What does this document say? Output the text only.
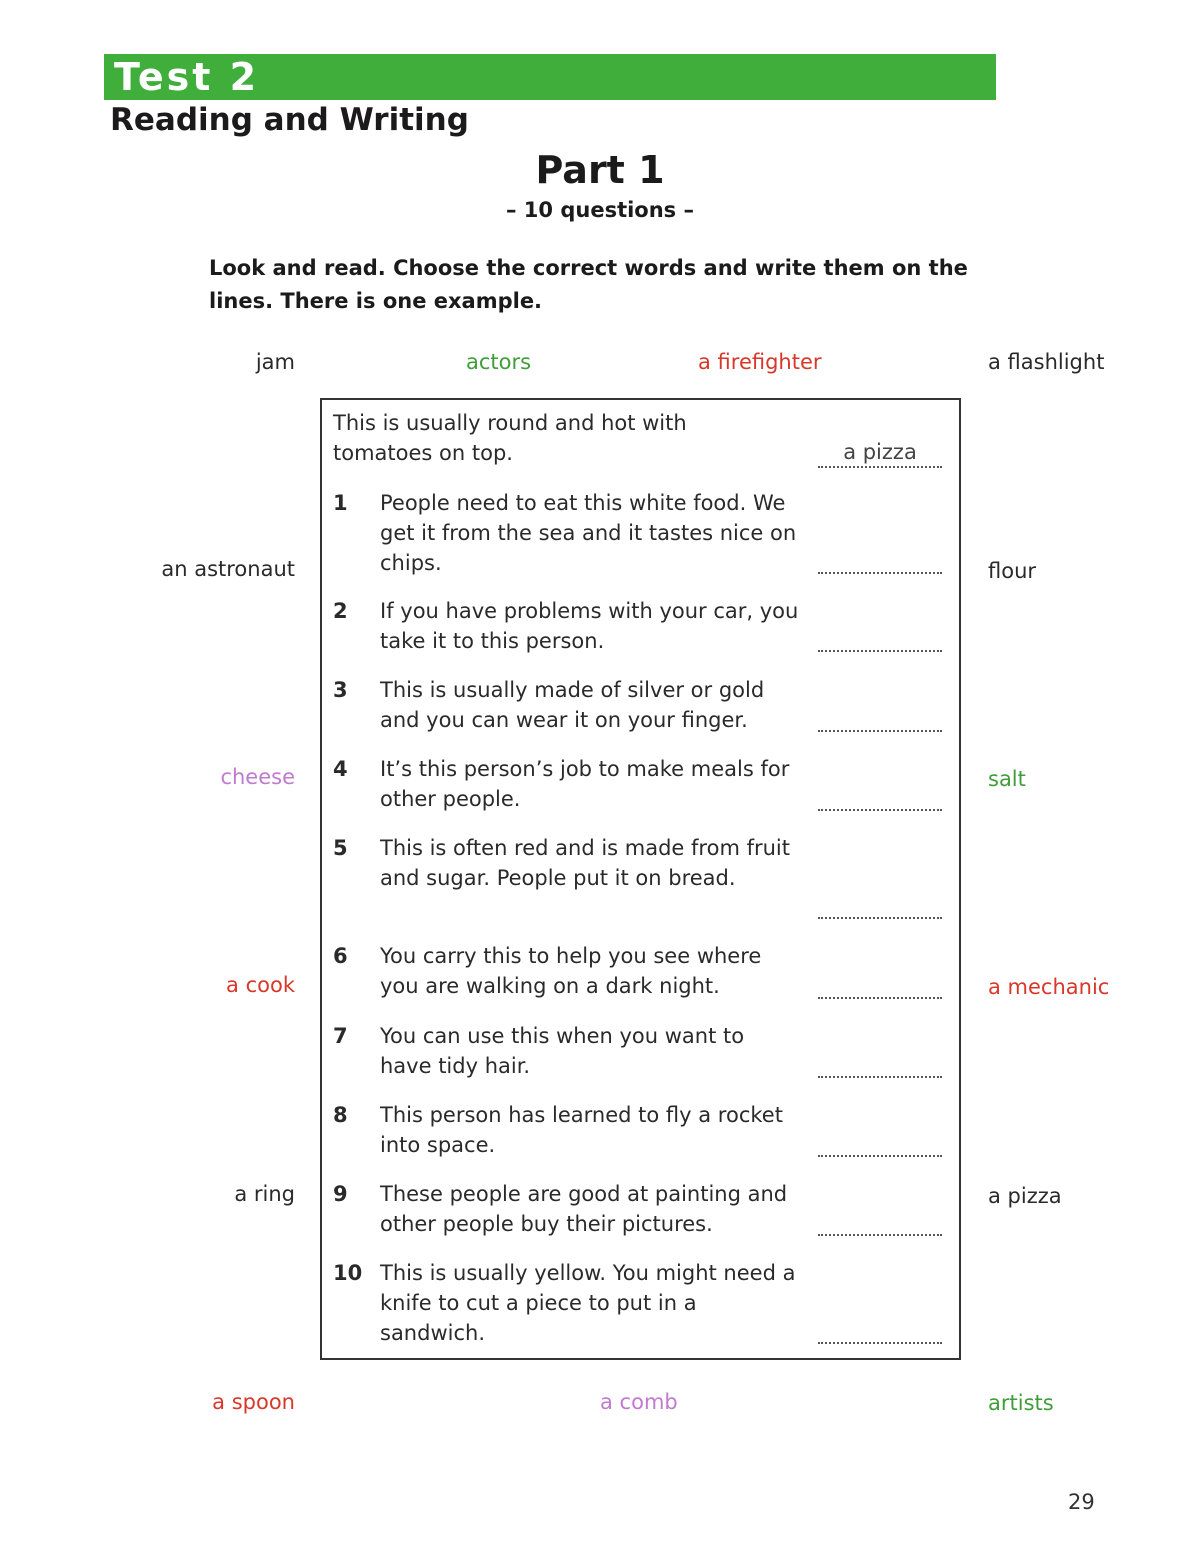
Test 2
Reading and Writing
Part 1
– 10 questions –
Look and read. Choose the correct words and write them on the lines. There is one example.
jam	actors	a firefighter	a flashlight
an astronaut	flour
cheese	salt
a cook	a mechanic
a ring	a pizza
a spoon	a comb	artists
This is usually round and hot with tomatoes on top.	a pizza
1	People need to eat this white food. We get it from the sea and it tastes nice on chips.
2	If you have problems with your car, you take it to this person.
3	This is usually made of silver or gold and you can wear it on your finger.
4	It’s this person’s job to make meals for other people.
5	This is often red and is made from fruit and sugar. People put it on bread.
6	You carry this to help you see where you are walking on a dark night.
7	You can use this when you want to have tidy hair.
8	This person has learned to fly a rocket into space.
9	These people are good at painting and other people buy their pictures.
10 This is usually yellow. You might need a knife to cut a piece to put in a sandwich.
29
